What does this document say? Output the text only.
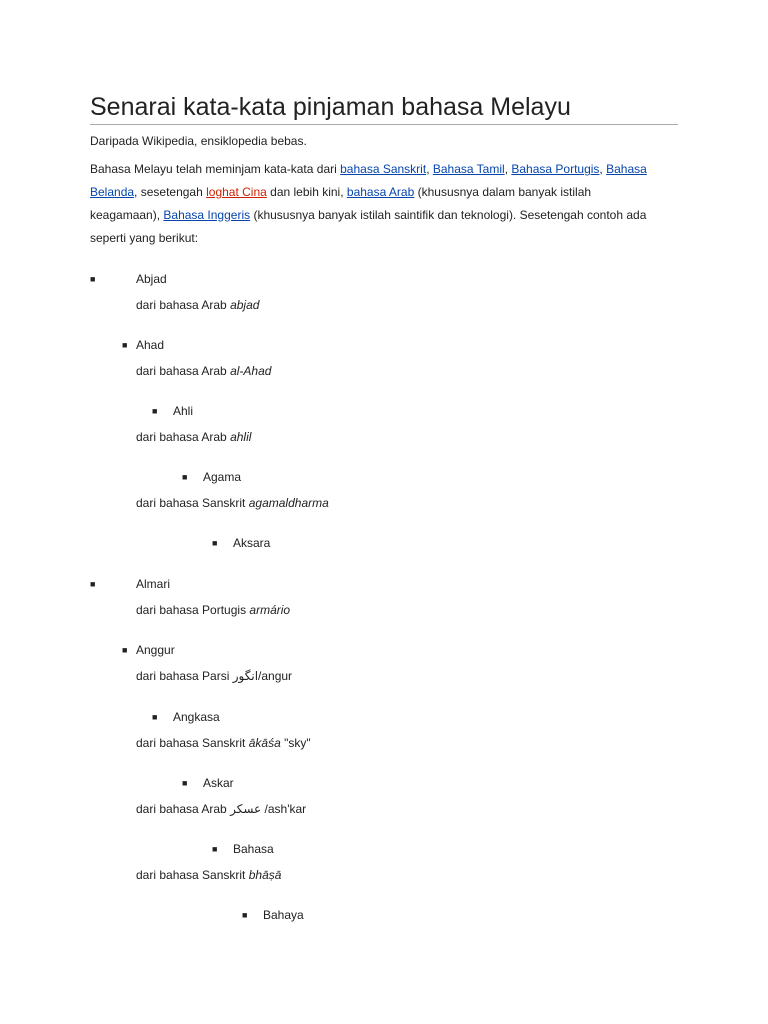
Senarai kata-kata pinjaman bahasa Melayu
Daripada Wikipedia, ensiklopedia bebas.
Bahasa Melayu telah meminjam kata-kata dari bahasa Sanskrit, Bahasa Tamil, Bahasa Portugis, Bahasa Belanda, sesetengah loghat Cina dan lebih kini, bahasa Arab (khususnya dalam banyak istilah keagamaan), Bahasa Inggeris (khususnya banyak istilah saintifik dan teknologi). Sesetengah contoh ada seperti yang berikut:
■	Abjad
dari bahasa Arab abjad
■ Ahad
dari bahasa Arab al-Ahad
■ Ahli
dari bahasa Arab ahlil
■ Agama
dari bahasa Sanskrit agamaldharma
■ Aksara
■	Almari
dari bahasa Portugis armário
■ Anggur
dari bahasa Parsi انگور/angur
■ Angkasa
dari bahasa Sanskrit ākāśa "sky"
■ Askar
dari bahasa Arab عسكر /ash'kar
■ Bahasa
dari bahasa Sanskrit bhāṣā
■ Bahaya
